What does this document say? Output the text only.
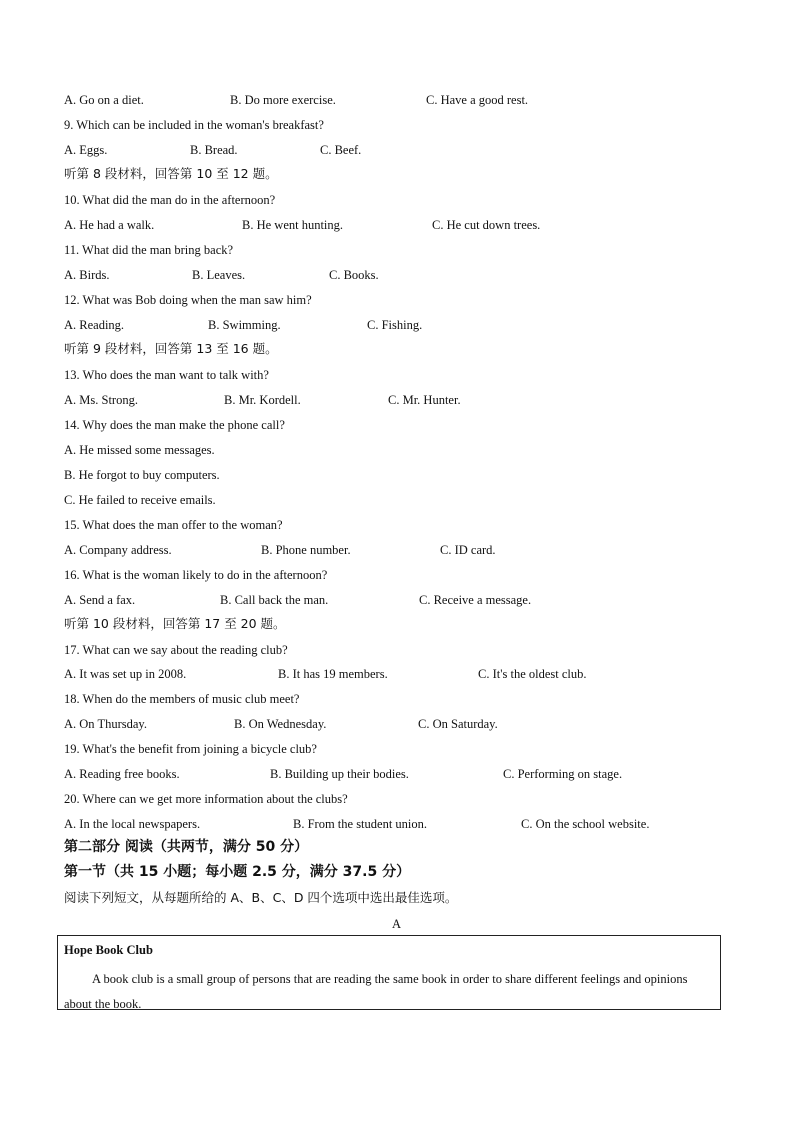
A. Go on a diet.	B. Do more exercise.	C. Have a good rest.
9. Which can be included in the woman's breakfast?
A. Eggs.	B. Bread.	C. Beef.
听第 8 段材料，回答第 10 至 12 题。
10. What did the man do in the afternoon?
A. He had a walk.	B. He went hunting.	C. He cut down trees.
11. What did the man bring back?
A. Birds.	B. Leaves.	C. Books.
12. What was Bob doing when the man saw him?
A. Reading.	B. Swimming.	C. Fishing.
听第 9 段材料，回答第 13 至 16 题。
13. Who does the man want to talk with?
A. Ms. Strong.	B. Mr. Kordell.	C. Mr. Hunter.
14. Why does the man make the phone call?
A. He missed some messages.
B. He forgot to buy computers.
C. He failed to receive emails.
15. What does the man offer to the woman?
A. Company address.	B. Phone number.	C. ID card.
16. What is the woman likely to do in the afternoon?
A. Send a fax.	B. Call back the man.	C. Receive a message.
听第 10 段材料，回答第 17 至 20 题。
17. What can we say about the reading club?
A. It was set up in 2008.	B. It has 19 members.	C. It's the oldest club.
18. When do the members of music club meet?
A. On Thursday.	B. On Wednesday.	C. On Saturday.
19. What's the benefit from joining a bicycle club?
A. Reading free books.	B. Building up their bodies.	C. Performing on stage.
20. Where can we get more information about the clubs?
A. In the local newspapers.	B. From the student union.	C. On the school website.
第二部分 阅读（共两节，满分 50 分）
第一节（共 15 小题；每小题 2.5 分，满分 37.5 分）
阅读下列短文，从每题所给的 A、B、C、D 四个选项中选出最佳选项。
A
Hope Book Club
A book club is a small group of persons that are reading the same book in order to share different feelings and opinions about the book.
